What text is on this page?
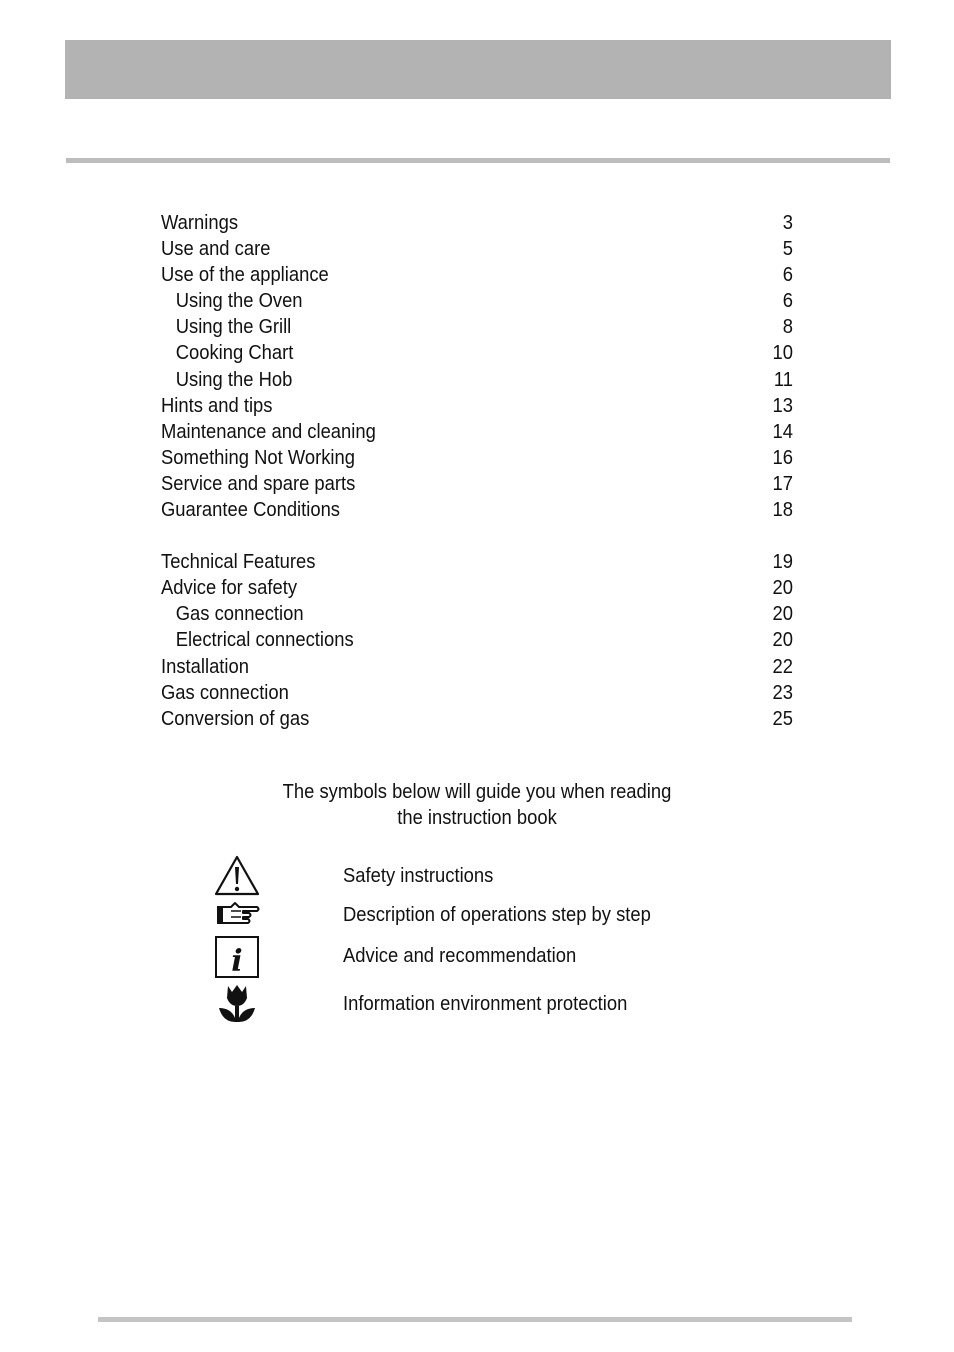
Warnings	3
Use and care	5
Use of the appliance	6
Using the Oven	6
Using the Grill	8
Cooking Chart	10
Using the Hob	11
Hints and tips	13
Maintenance and cleaning	14
Something Not Working	16
Service and spare parts	17
Guarantee Conditions	18
Technical Features	19
Advice for safety	20
Gas connection	20
Electrical connections	20
Installation	22
Gas connection	23
Conversion of gas	25
The symbols below will guide you when reading
the instruction book
Safety instructions
Description of operations step by step
i	Advice and recommendation
Information environment protection
